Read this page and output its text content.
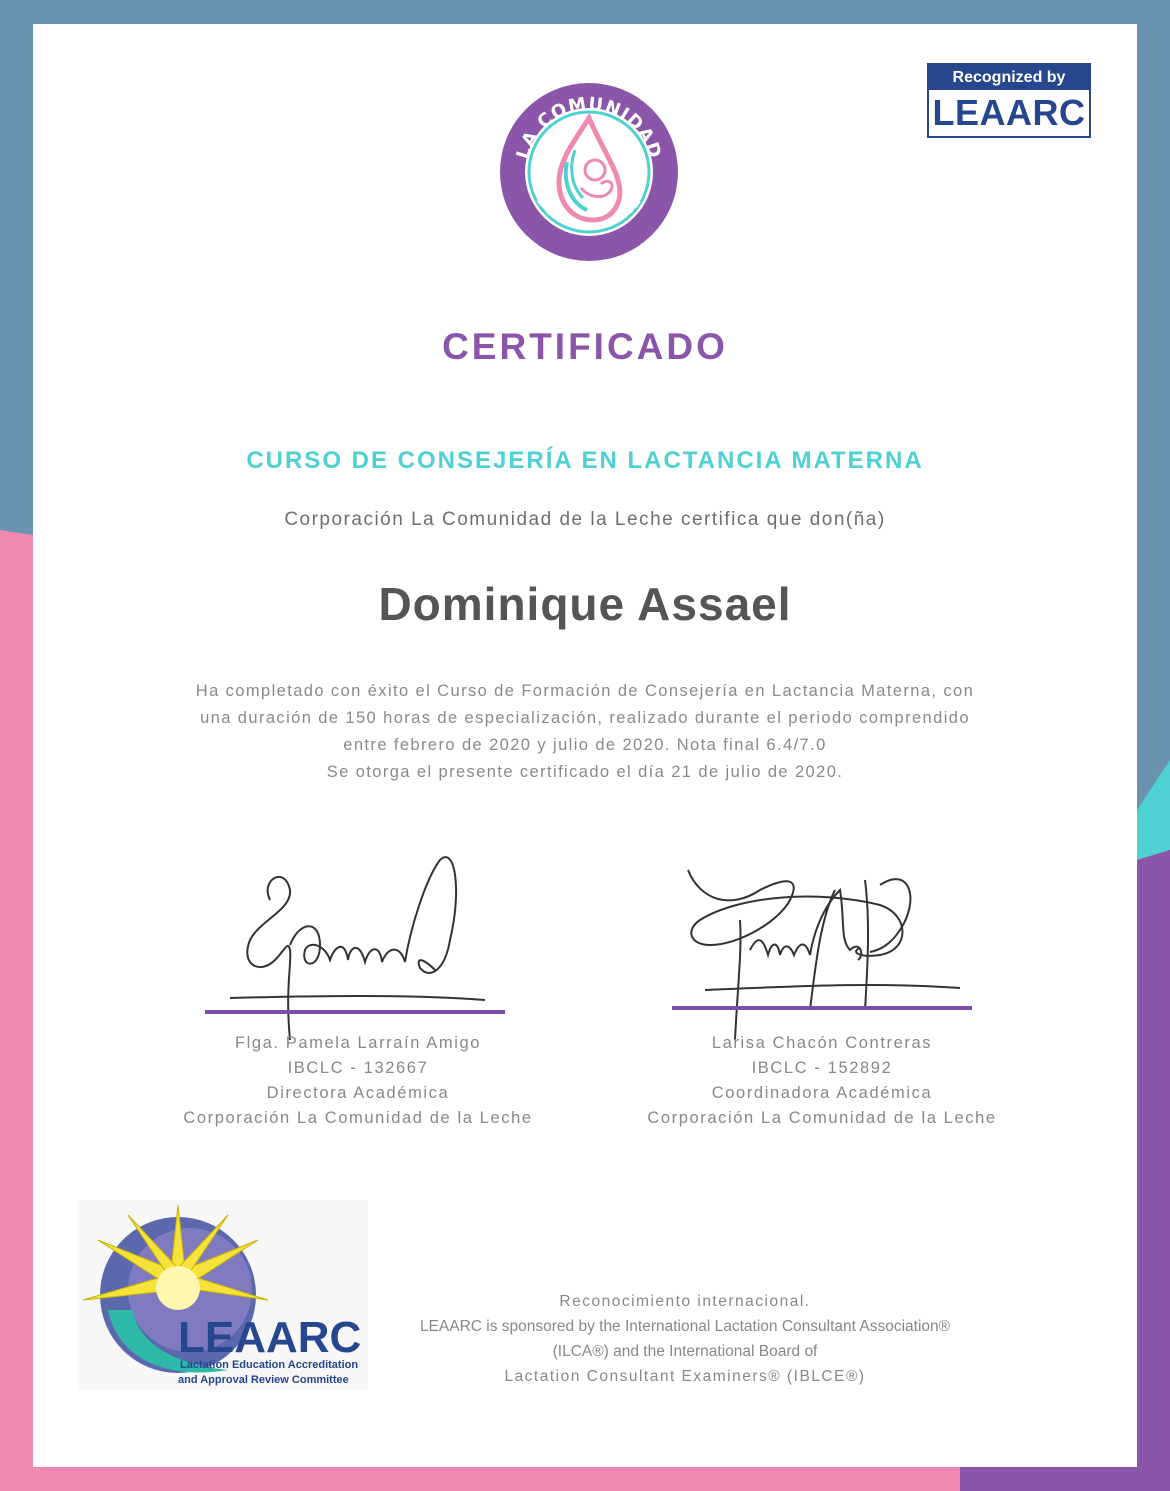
LA COMUNIDAD
DE LA LECHE
Recognized by
LEAARC
CERTIFICADO
CURSO DE CONSEJERÍA EN LACTANCIA MATERNA
Corporación La Comunidad de la Leche certifica que don(ña)
Dominique Assael
Ha completado con éxito el Curso de Formación de Consejería en Lactancia Materna, con
una duración de 150 horas de especialización, realizado durante el periodo comprendido
entre febrero de 2020 y julio de 2020. Nota final 6.4/7.0
Se otorga el presente certificado el día 21 de julio de 2020.
Flga. Pamela Larraín Amigo
IBCLC - 132667
Directora Académica
Corporación La Comunidad de la Leche
Larisa Chacón Contreras
IBCLC - 152892
Coordinadora Académica
Corporación La Comunidad de la Leche
LEAARC
Lactation Education Accreditation
and Approval Review Committee
Reconocimiento internacional.
LEAARC is sponsored by the International Lactation Consultant Association®
(ILCA®) and the International Board of
Lactation Consultant Examiners® (IBLCE®)
